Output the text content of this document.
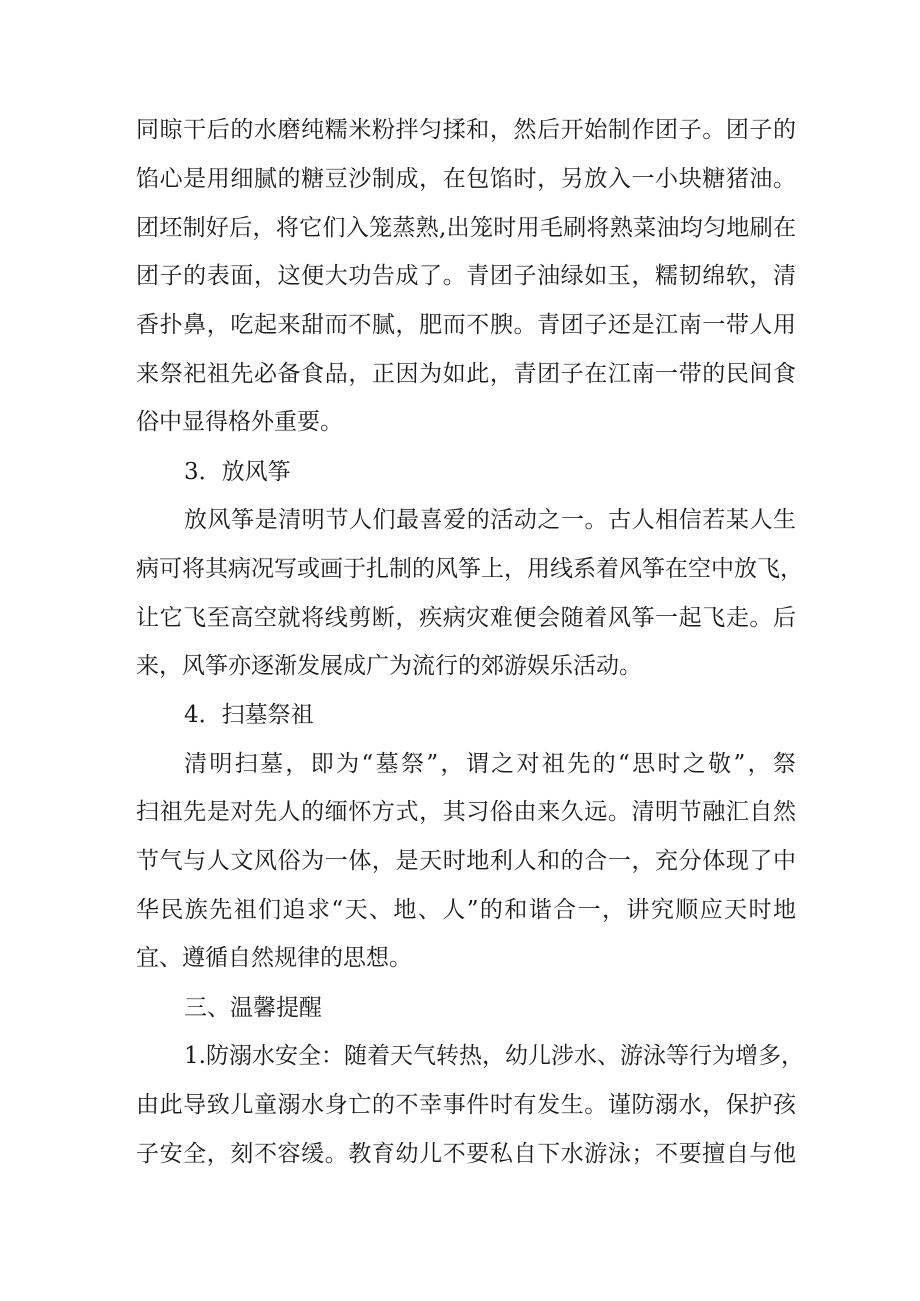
同晾干后的水磨纯糯米粉拌匀揉和，然后开始制作团子。团子的
馅心是用细腻的糖豆沙制成，在包馅时，另放入一小块糖猪油。
团坯制好后，将它们入笼蒸熟,出笼时用毛刷将熟菜油均匀地刷在
团子的表面，这便大功告成了。青团子油绿如玉，糯韧绵软，清
香扑鼻，吃起来甜而不腻，肥而不腴。青团子还是江南一带人用
来祭祀祖先必备食品，正因为如此，青团子在江南一带的民间食
俗中显得格外重要。
3．放风筝
放风筝是清明节人们最喜爱的活动之一。古人相信若某人生
病可将其病况写或画于扎制的风筝上，用线系着风筝在空中放飞，
让它飞至高空就将线剪断，疾病灾难便会随着风筝一起飞走。后
来，风筝亦逐渐发展成广为流行的郊游娱乐活动。
4．扫墓祭祖
清明扫墓，即为“墓祭”，谓之对祖先的“思时之敬”，祭
扫祖先是对先人的缅怀方式，其习俗由来久远。清明节融汇自然
节气与人文风俗为一体，是天时地利人和的合一，充分体现了中
华民族先祖们追求“天、地、人”的和谐合一，讲究顺应天时地
宜、遵循自然规律的思想。
三、温馨提醒
1.防溺水安全：随着天气转热，幼儿涉水、游泳等行为增多，
由此导致儿童溺水身亡的不幸事件时有发生。谨防溺水，保护孩
子安全，刻不容缓。教育幼儿不要私自下水游泳；不要擅自与他
